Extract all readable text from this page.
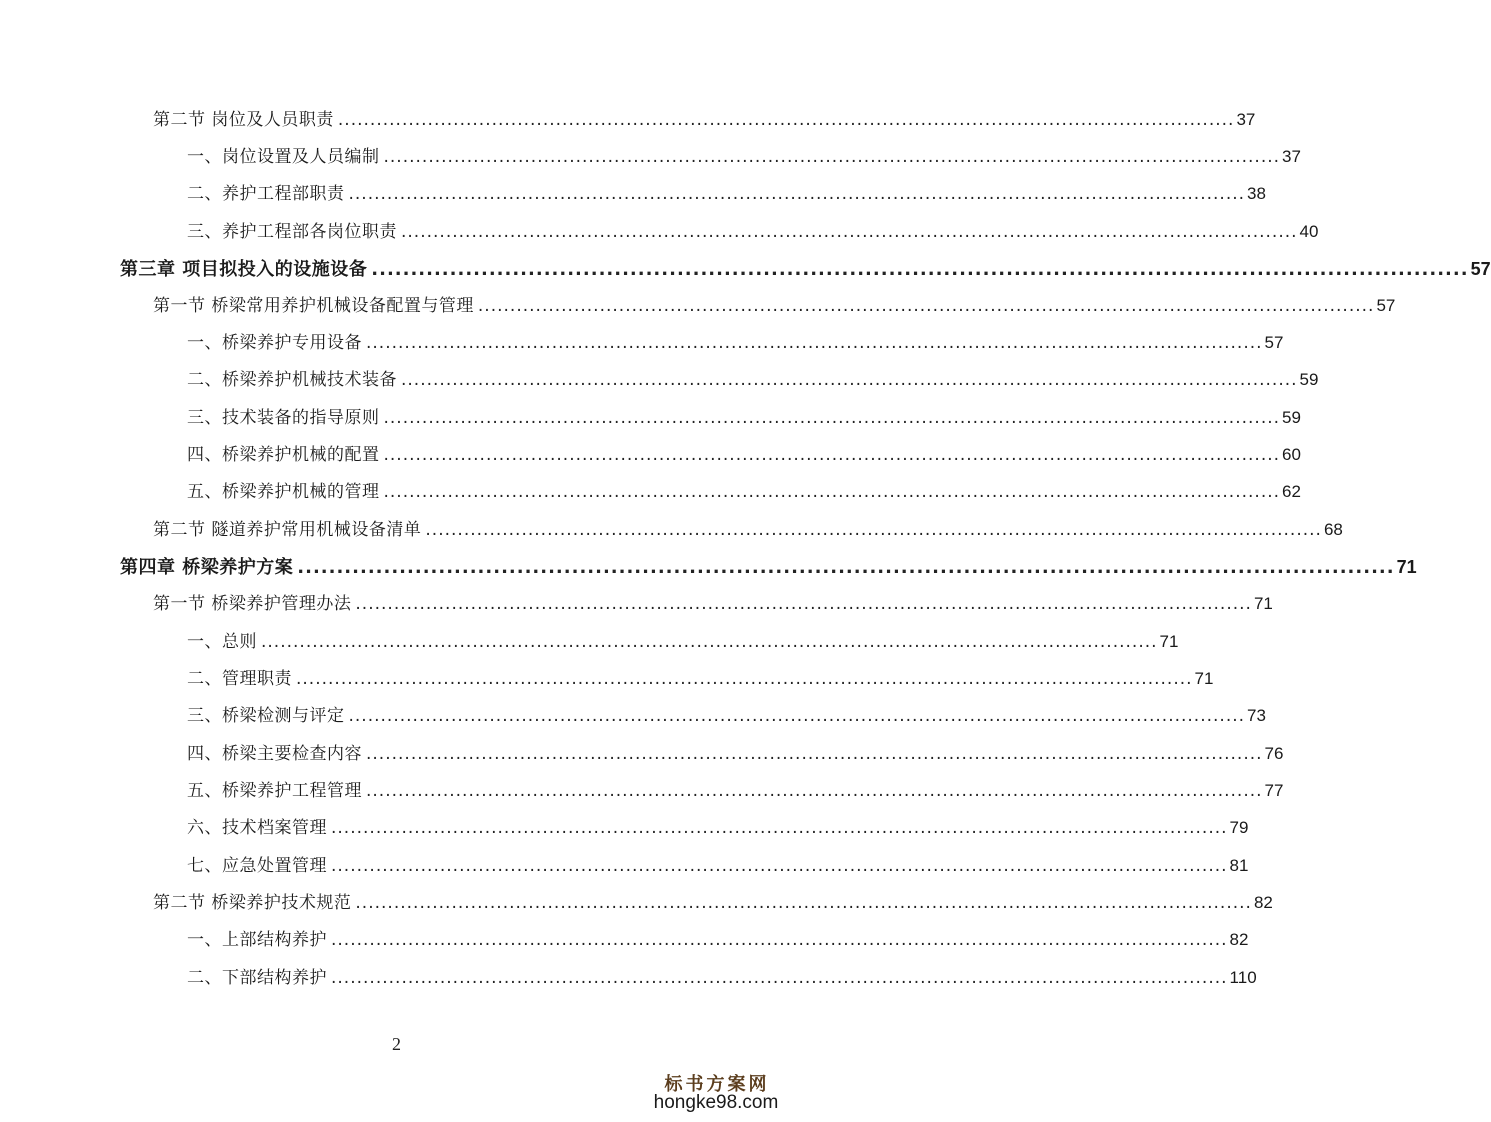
第二节 岗位及人员职责 ............................................................................................................................................ 37
一、岗位设置及人员编制 ............................................................................................................................................ 37
二、养护工程部职责 ............................................................................................................................................ 38
三、养护工程部各岗位职责 ............................................................................................................................................ 40
第三章 项目拟投入的设施设备 ............................................................................................................................................ 57
第一节 桥梁常用养护机械设备配置与管理 ............................................................................................................................................ 57
一、桥梁养护专用设备 ............................................................................................................................................ 57
二、桥梁养护机械技术装备 ............................................................................................................................................ 59
三、技术装备的指导原则 ............................................................................................................................................ 59
四、桥梁养护机械的配置 ............................................................................................................................................ 60
五、桥梁养护机械的管理 ............................................................................................................................................ 62
第二节 隧道养护常用机械设备清单 ............................................................................................................................................ 68
第四章 桥梁养护方案 ............................................................................................................................................ 71
第一节 桥梁养护管理办法 ............................................................................................................................................ 71
一、总则 ............................................................................................................................................ 71
二、管理职责 ............................................................................................................................................ 71
三、桥梁检测与评定 ............................................................................................................................................ 73
四、桥梁主要检查内容 ............................................................................................................................................ 76
五、桥梁养护工程管理 ............................................................................................................................................ 77
六、技术档案管理 ............................................................................................................................................ 79
七、应急处置管理 ............................................................................................................................................ 81
第二节 桥梁养护技术规范 ............................................................................................................................................ 82
一、上部结构养护 ............................................................................................................................................ 82
二、下部结构养护 ............................................................................................................................................ 110
2
标书方案网
hongke98.com
